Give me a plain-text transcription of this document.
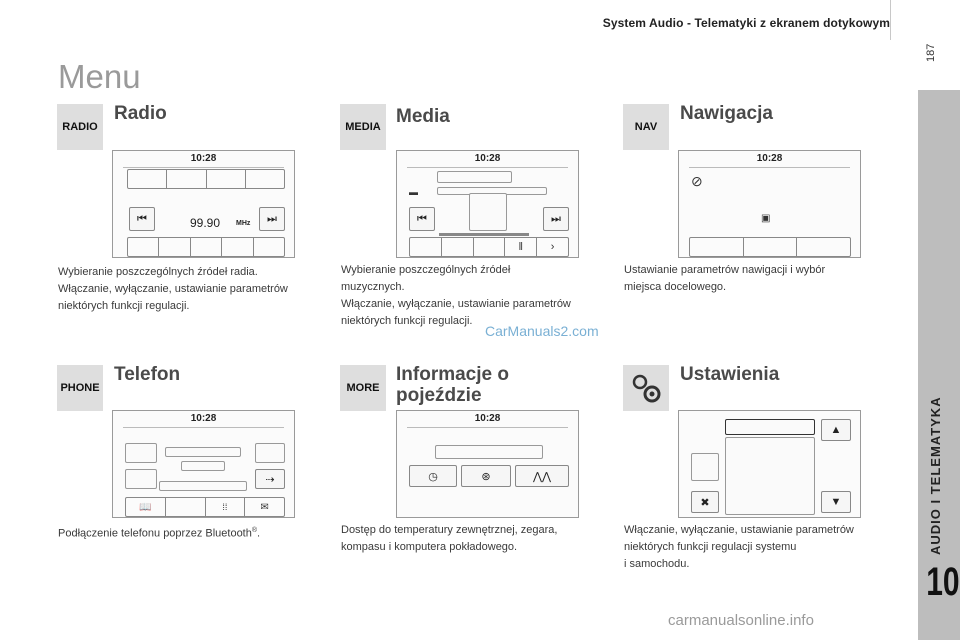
System Audio - Telematyki z ekranem dotykowym
187
AUDIO I TELEMATYKA
10
Menu
RADIO
Radio
10:28
⏮	99.90 MHz	⏭
Wybieranie poszczególnych źródeł radia.
Włączanie, wyłączanie, ustawianie parametrów
niektórych funkcji regulacji.
MEDIA Media
10:28
▬
⏮	⏭
‖	›
Wybieranie poszczególnych źródeł
muzycznych.
Włączanie, wyłączanie, ustawianie parametrów
niektórych funkcji regulacji.
NAV
Nawigacja
10:28
⊘
▣
Ustawianie parametrów nawigacji i wybór
miejsca docelowego.
CarManuals2.com
PHONE
Telefon
10:28
⇢
📖	⁞⁞	✉
Podłączenie telefonu poprzez Bluetooth®.
MORE
Informacje o
pojeździe
10:28
◷	⊛	⋀⋀
Dostęp do temperatury zewnętrznej, zegara,
kompasu i komputera pokładowego.
Ustawienia
▲
✖	▼
Włączanie, wyłączanie, ustawianie parametrów
niektórych funkcji regulacji systemu
i samochodu.
carmanualsonline.info
